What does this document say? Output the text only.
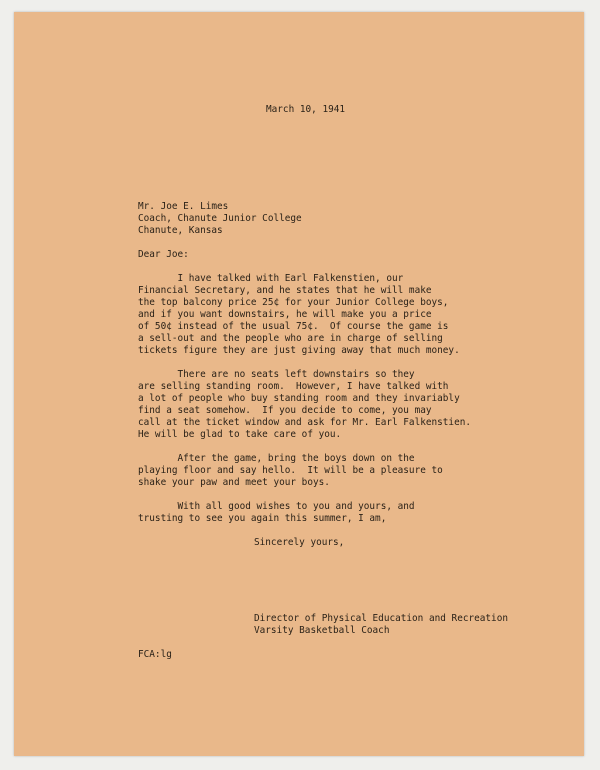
March 10, 1941
Mr. Joe E. Limes
Coach, Chanute Junior College
Chanute, Kansas
Dear Joe:
I have talked with Earl Falkenstien, our
Financial Secretary, and he states that he will make
the top balcony price 25¢ for your Junior College boys,
and if you want downstairs, he will make you a price
of 50¢ instead of the usual 75¢.  Of course the game is
a sell-out and the people who are in charge of selling
tickets figure they are just giving away that much money.
There are no seats left downstairs so they
are selling standing room.  However, I have talked with
a lot of people who buy standing room and they invariably
find a seat somehow.  If you decide to come, you may
call at the ticket window and ask for Mr. Earl Falkenstien.
He will be glad to take care of you.
After the game, bring the boys down on the
playing floor and say hello.  It will be a pleasure to
shake your paw and meet your boys.
With all good wishes to you and yours, and
trusting to see you again this summer, I am,
Sincerely yours,
Director of Physical Education and Recreation
Varsity Basketball Coach
FCA:lg
